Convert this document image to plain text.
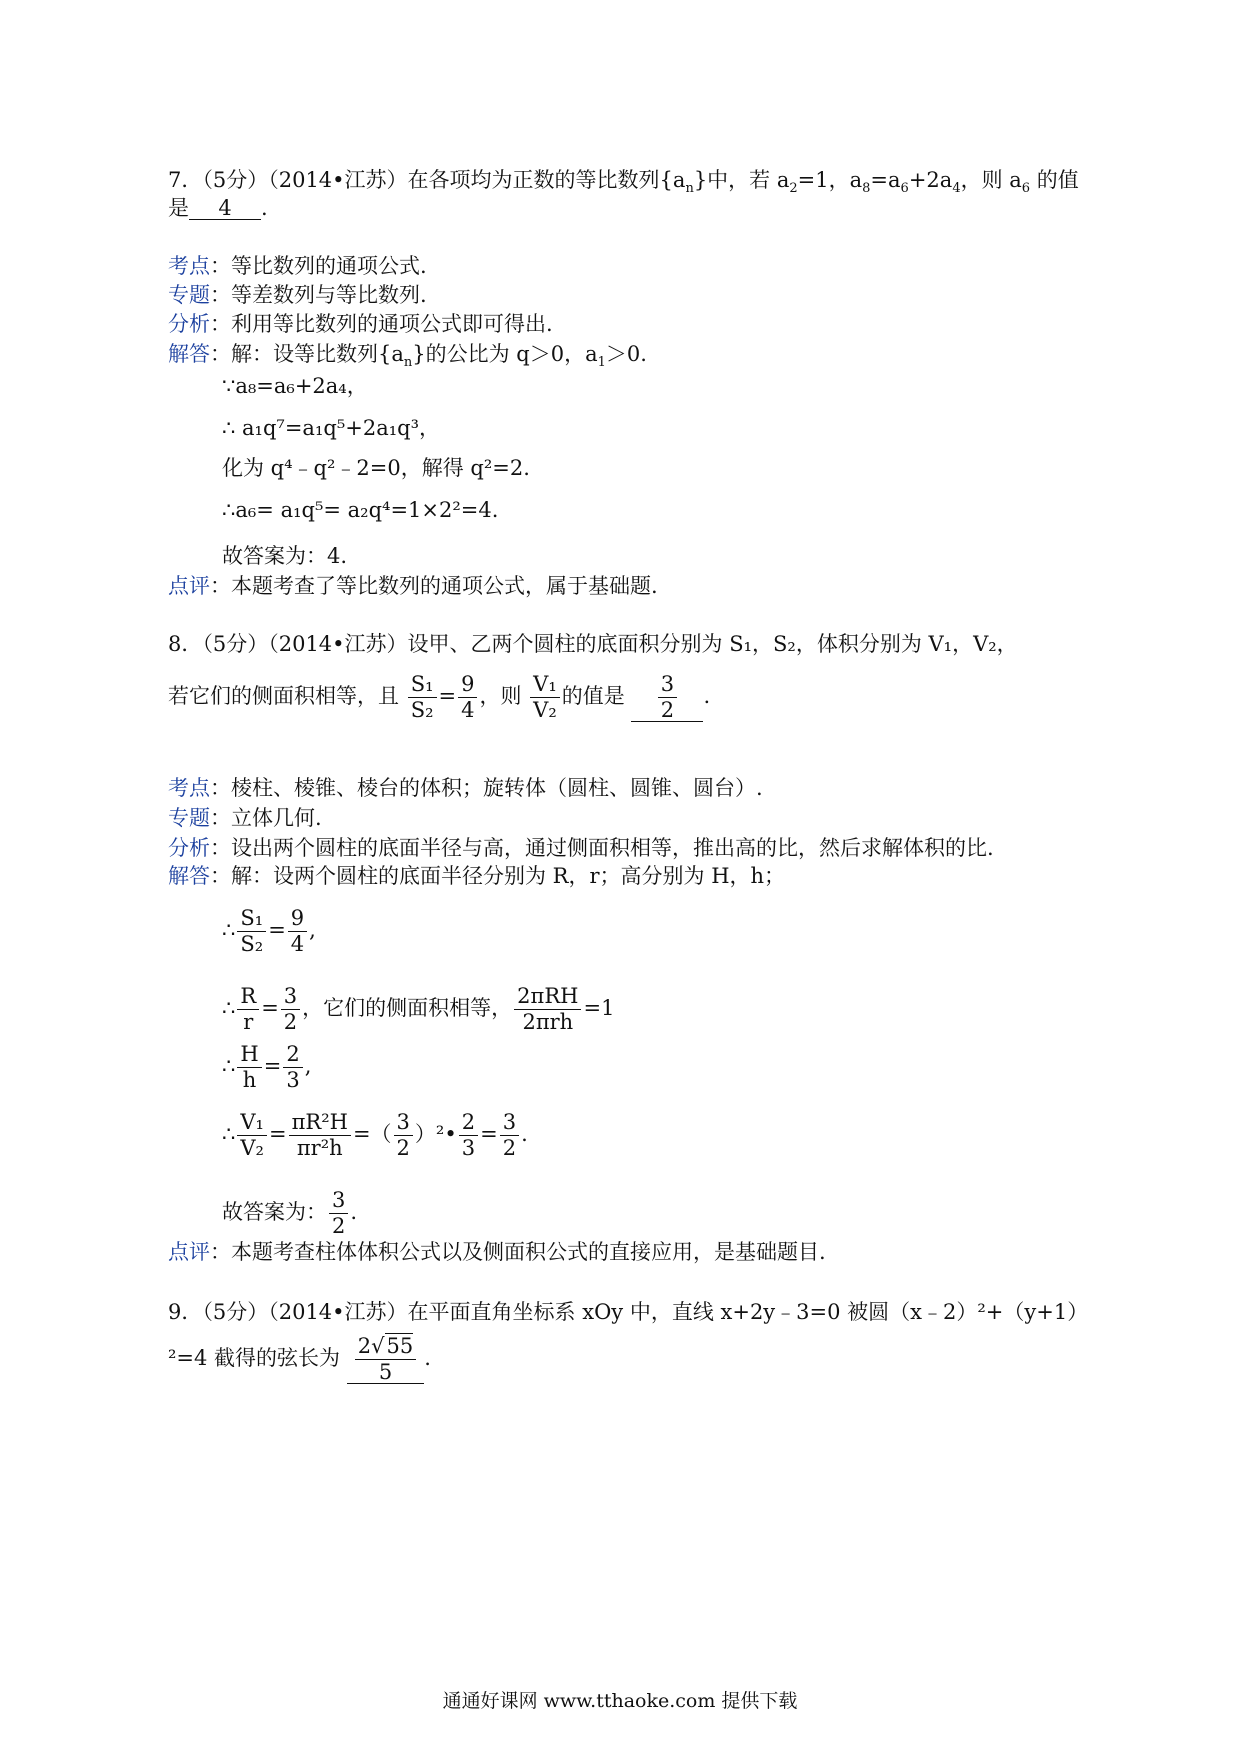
7．（5分）（2014•江苏）在各项均为正数的等比数列$\{a_n\}$中，若 $a_2=1$，$a_8=a_6+2a_4$，则 $a_6$ 的值
是 4 .
考点：等比数列的通项公式.
专题：等差数列与等比数列.
分析：利用等比数列的通项公式即可得出.
解答：解：设等比数列$\{a_n\}$的公比为 q＞0，$a_1>0$.
∵a₈=a₆+2a₄，
∴ a₁q⁷=a₁q⁵+2a₁q³，
化为 q⁴﹣q²﹣2=0，解得 q²=2.
∴a₆= a₁q⁵= a₂q⁴=1×2²=4.
故答案为：4.
点评：本题考查了等比数列的通项公式，属于基础题.
8．（5分）（2014•江苏）设甲、乙两个圆柱的底面积分别为 S₁，S₂，体积分别为 V₁，V₂，
若它们的侧面积相等，且 $\frac{\text{S₁}}{\text{S₂}} = \frac{9}{4}$ ，则 $\frac{\text{V₁}}{\text{V₂}}$ 的值是 $\frac{3}{2}$ .
考点：棱柱、棱锥、棱台的体积；旋转体（圆柱、圆锥、圆台）.
专题：立体几何.
分析：设出两个圆柱的底面半径与高，通过侧面积相等，推出高的比，然后求解体积的比.
解答：解：设两个圆柱的底面半径分别为 R，r；高分别为 H，h；
∴ $\frac{\text{S₁}}{\text{S₂}} = \frac{9}{4}$ ,
∴ $\frac{R}{r} = \frac{3}{2}$ ，它们的侧面积相等， $\frac{\text{2πRH}}{\text{2πrh}} =1$
∴ $\frac{H}{h} = \frac{2}{3}$ ,
∴ $\frac{\text{V₁}}{\text{V₂}} = \frac{\text{πR²H}}{\text{πr²h}}$ =（ $\frac{3}{2}$ ）²• $\frac{2}{3} = \frac{3}{2}$ .
故答案为： $\frac{3}{2}$ .
点评：本题考查柱体体积公式以及侧面积公式的直接应用，是基础题目.
9．（5分）（2014•江苏）在平面直角坐标系 xOy 中，直线 x+2y﹣3=0 被圆（x﹣2）²+（y+1）
²=4 截得的弦长为 $\frac{2√55}{5}$ .
通通好课网 www.tthaoke.com 提供下载
